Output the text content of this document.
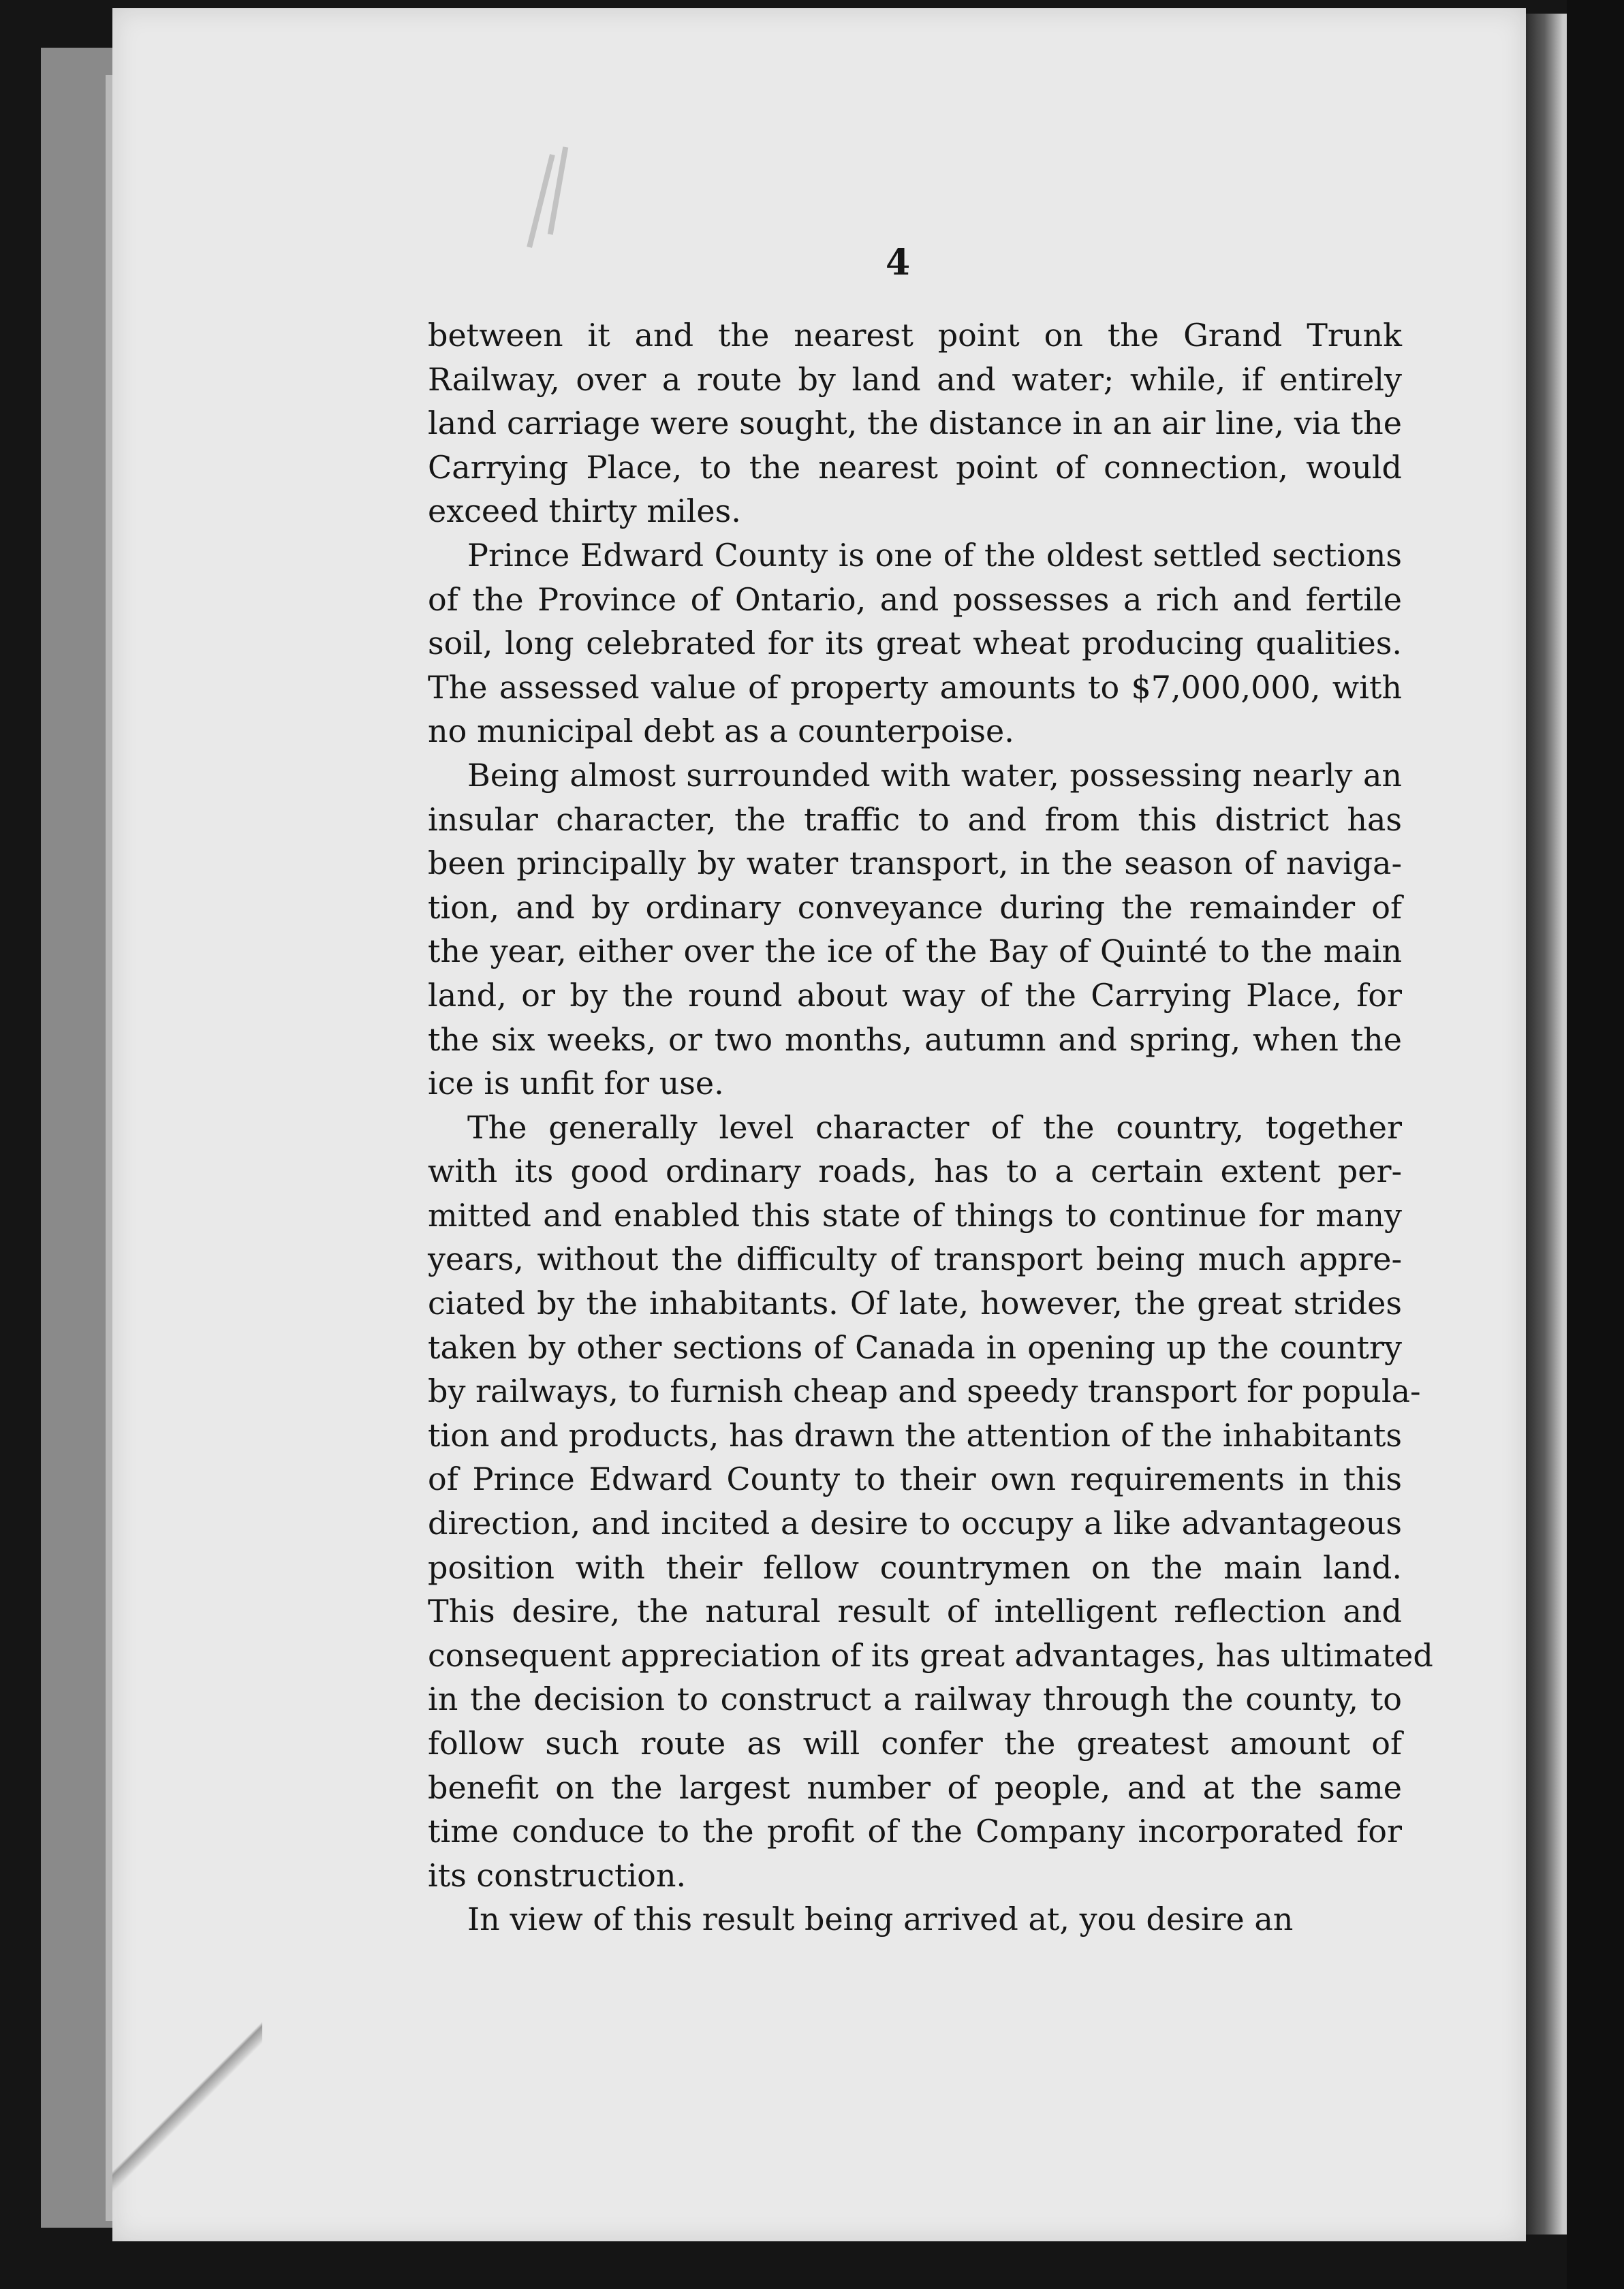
4
between it and the nearest point on the Grand Trunk
Railway, over a route by land and water; while, if entirely
land carriage were sought, the distance in an air line, via the
Carrying Place, to the nearest point of connection, would
exceed thirty miles.
Prince Edward County is one of the oldest settled sections
of the Province of Ontario, and possesses a rich and fertile
soil, long celebrated for its great wheat producing qualities.
The assessed value of property amounts to $7,000,000, with
no municipal debt as a counterpoise.
Being almost surrounded with water, possessing nearly an
insular character, the traffic to and from this district has
been principally by water transport, in the season of naviga-
tion, and by ordinary conveyance during the remainder of
the year, either over the ice of the Bay of Quinté to the main
land, or by the round about way of the Carrying Place, for
the six weeks, or two months, autumn and spring, when the
ice is unfit for use.
The generally level character of the country, together
with its good ordinary roads, has to a certain extent per-
mitted and enabled this state of things to continue for many
years, without the difficulty of transport being much appre-
ciated by the inhabitants. Of late, however, the great strides
taken by other sections of Canada in opening up the country
by railways, to furnish cheap and speedy transport for popula-
tion and products, has drawn the attention of the inhabitants
of Prince Edward County to their own requirements in this
direction, and incited a desire to occupy a like advantageous
position with their fellow countrymen on the main land.
This desire, the natural result of intelligent reflection and
consequent appreciation of its great advantages, has ultimated
in the decision to construct a railway through the county, to
follow such route as will confer the greatest amount of
benefit on the largest number of people, and at the same
time conduce to the profit of the Company incorporated for
its construction.
In view of this result being arrived at, you desire an
